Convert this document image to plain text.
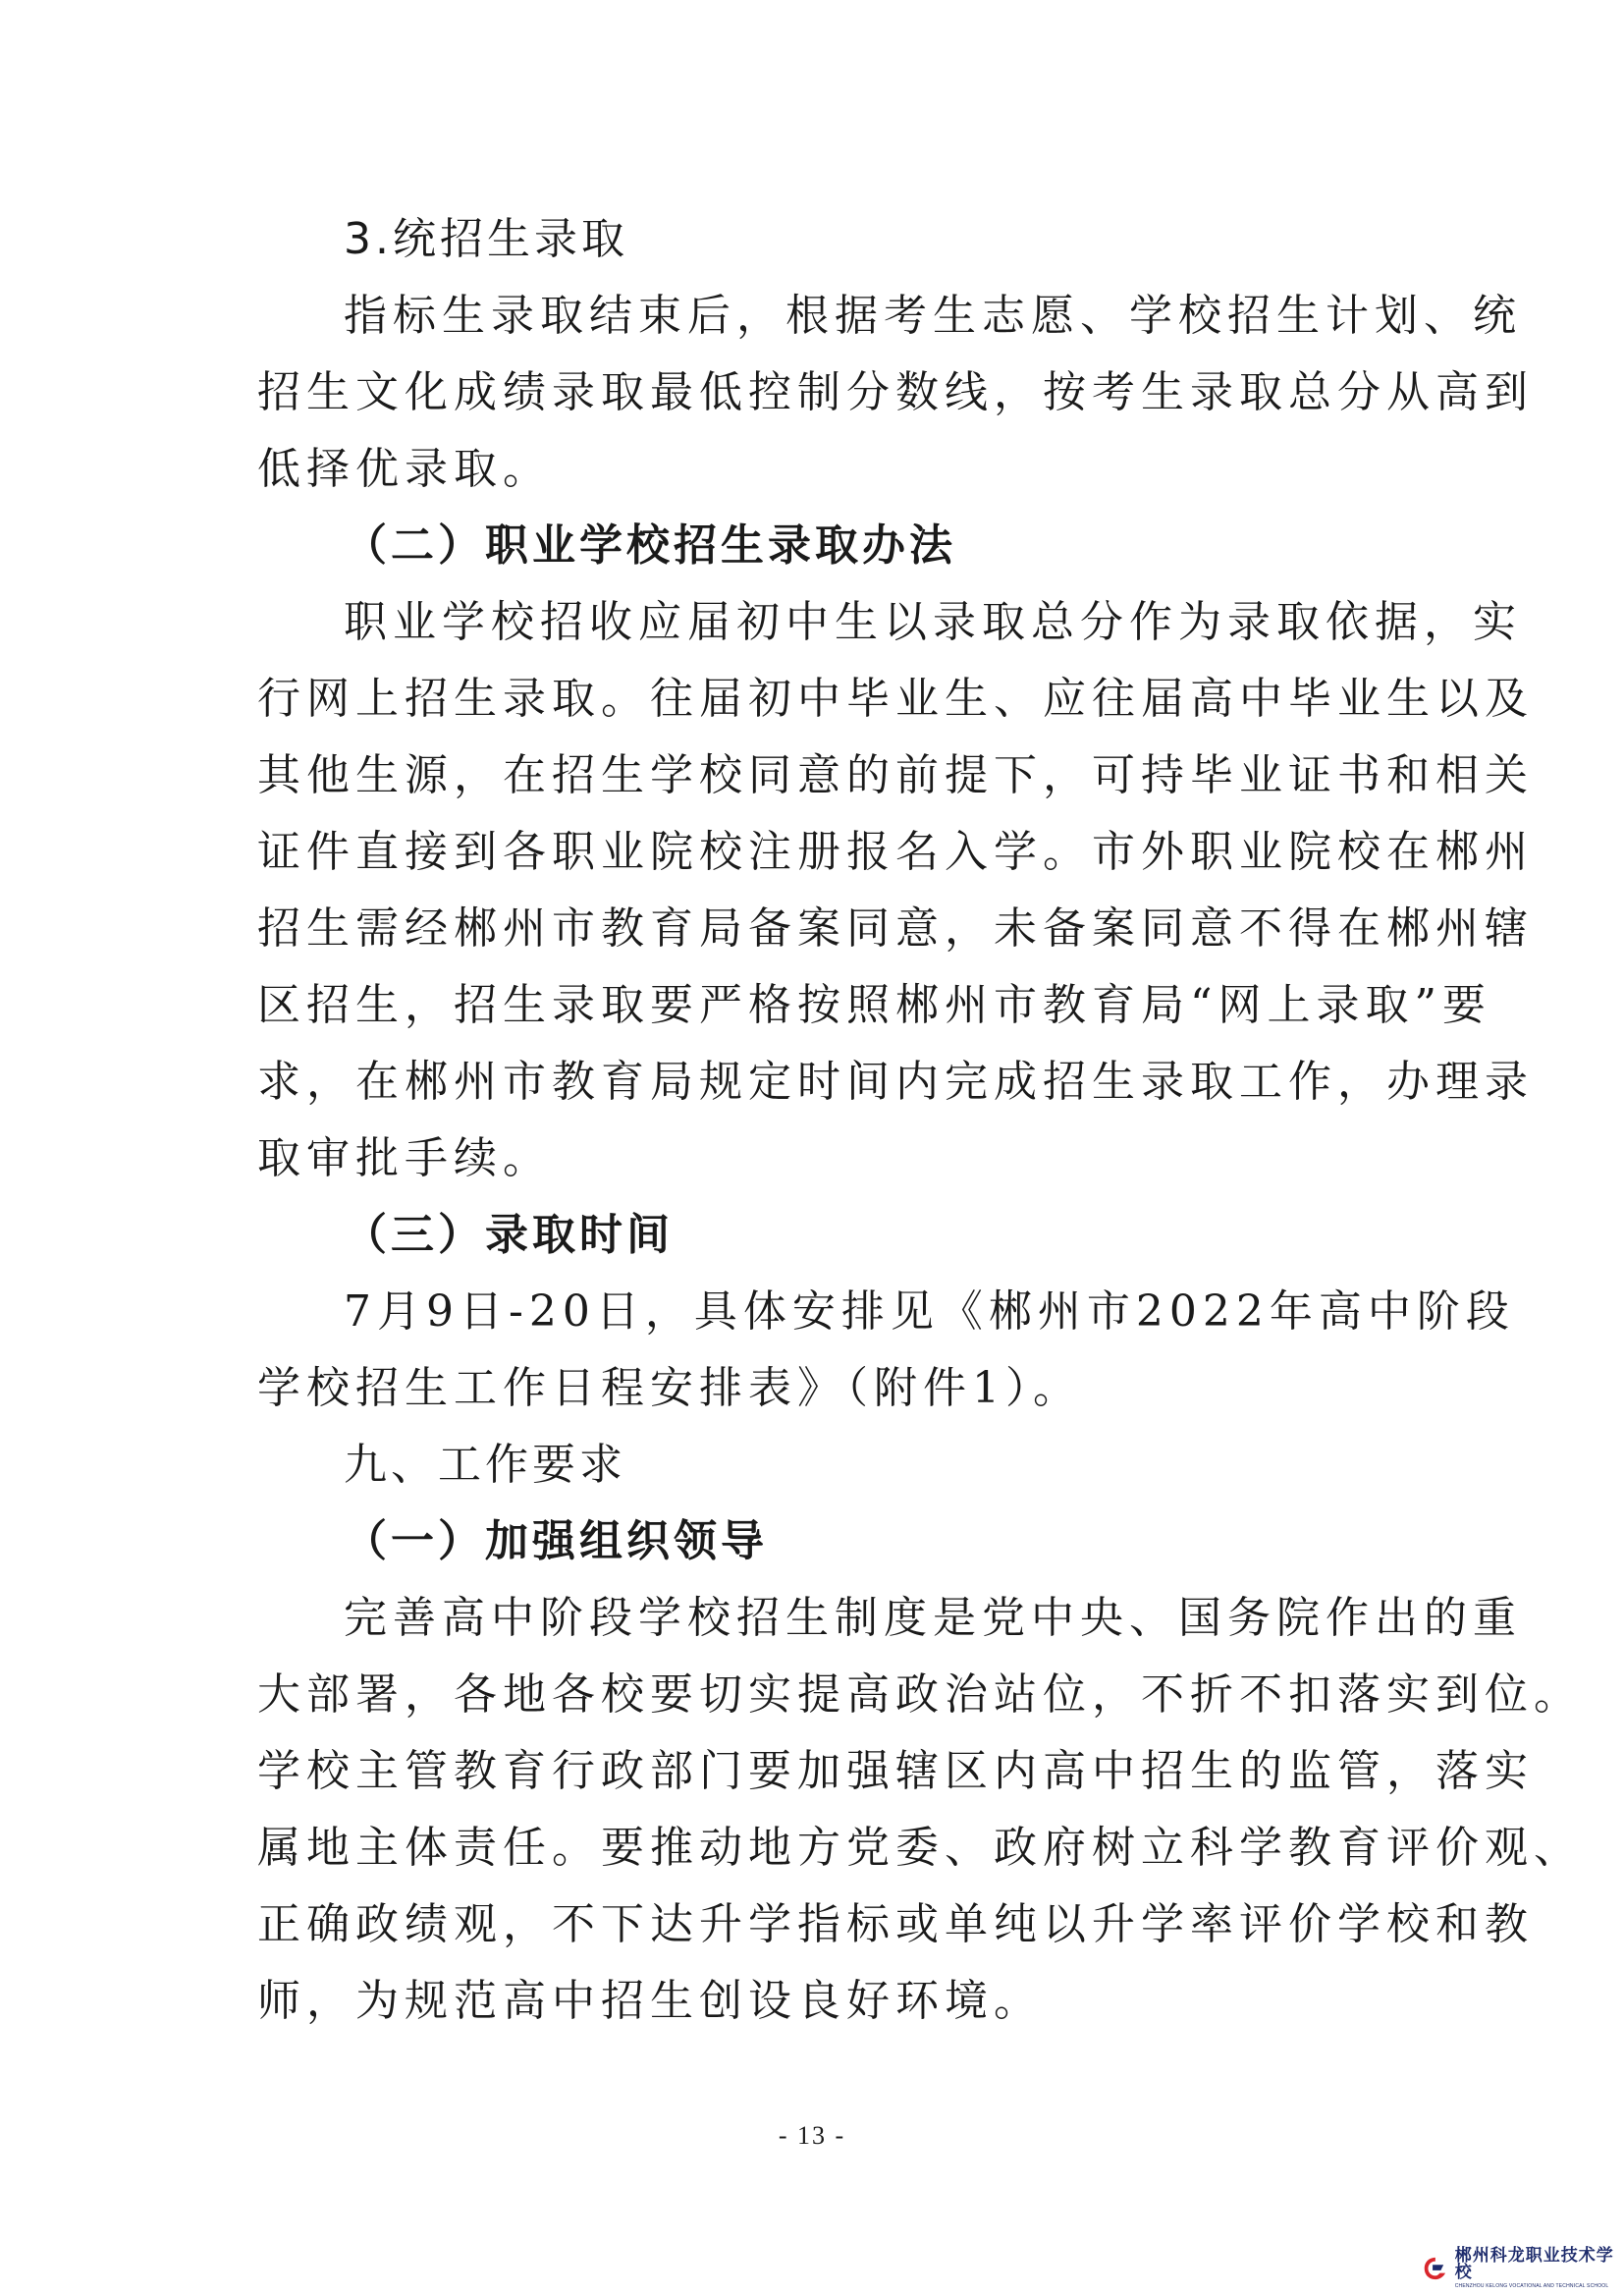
3.统招生录取
指标生录取结束后，根据考生志愿、学校招生计划、统
招生文化成绩录取最低控制分数线，按考生录取总分从高到
低择优录取。
（二）职业学校招生录取办法
职业学校招收应届初中生以录取总分作为录取依据，实
行网上招生录取。往届初中毕业生、应往届高中毕业生以及
其他生源，在招生学校同意的前提下，可持毕业证书和相关
证件直接到各职业院校注册报名入学。市外职业院校在郴州
招生需经郴州市教育局备案同意，未备案同意不得在郴州辖
区招生，招生录取要严格按照郴州市教育局“网上录取”要
求，在郴州市教育局规定时间内完成招生录取工作，办理录
取审批手续。
（三）录取时间
7月9日-20日，具体安排见《郴州市2022年高中阶段
学校招生工作日程安排表》（附件1）。
九、工作要求
（一）加强组织领导
完善高中阶段学校招生制度是党中央、国务院作出的重
大部署，各地各校要切实提高政治站位，不折不扣落实到位。
学校主管教育行政部门要加强辖区内高中招生的监管，落实
属地主体责任。要推动地方党委、政府树立科学教育评价观、
正确政绩观，不下达升学指标或单纯以升学率评价学校和教
师，为规范高中招生创设良好环境。
- 13 -
郴州科龙职业技术学校
CHENZHOU KELONG VOCATIONAL AND TECHNICAL SCHOOL
